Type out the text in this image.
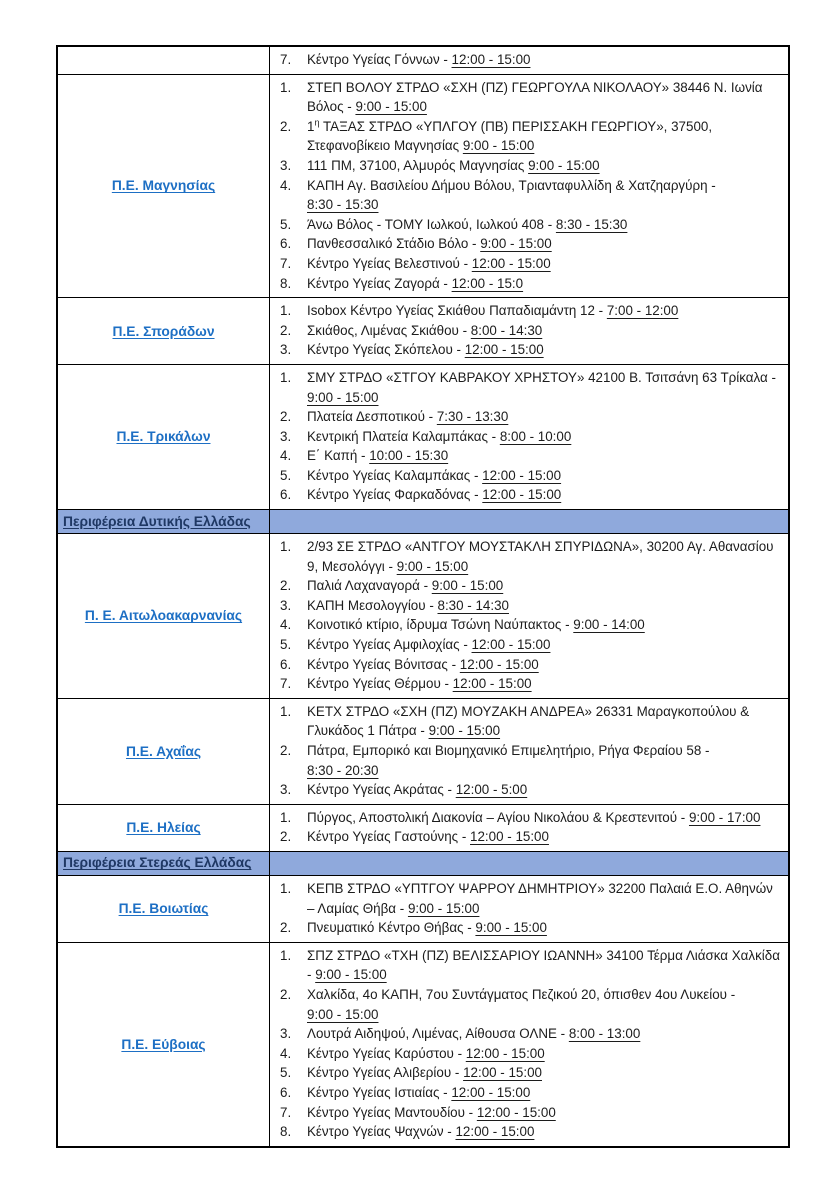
7. Κέντρο Υγείας Γόννων - 12:00 - 15:00
Π.Ε. Μαγνησίας
1. ΣΤΕΠ ΒΟΛΟΥ ΣΤΡΔΟ «ΣΧΗ (ΠΖ) ΓΕΩΡΓΟΥΛΑ ΝΙΚΟΛΑΟΥ» 38446 Ν. Ιωνία Βόλος - 9:00 - 15:00
2. $1^\eta$ ΤΑΞΑΣ ΣΤΡΔΟ «ΥΠΛΓΟΥ (ΠΒ) ΠΕΡΙΣΣΑΚΗ ΓΕΩΡΓΙΟΥ», 37500, Στεφανοβίκειο Μαγνησίας 9:00 - 15:00
3. 111 ΠΜ, 37100, Αλμυρός Μαγνησίας 9:00 - 15:00
4. ΚΑΠΗ Αγ. Βασιλείου Δήμου Βόλου, Τριανταφυλλίδη & Χατζηαργύρη - 8:30 - 15:30
5. Άνω Βόλος - ΤΟΜΥ Ιωλκού, Ιωλκού 408 - 8:30 - 15:30
6. Πανθεσσαλικό Στάδιο Βόλο - 9:00 - 15:00
7. Κέντρο Υγείας Βελεστινού - 12:00 - 15:00
8. Κέντρο Υγείας Ζαγορά - 12:00 - 15:0
Π.Ε. Σποράδων
1. Isobox Κέντρο Υγείας Σκιάθου Παπαδιαμάντη 12 - 7:00 - 12:00
2. Σκιάθος, Λιμένας Σκιάθου - 8:00 - 14:30
3. Κέντρο Υγείας Σκόπελου - 12:00 - 15:00
Π.Ε. Τρικάλων
1. ΣΜΥ ΣΤΡΔΟ «ΣΤΓΟΥ ΚΑΒΡΑΚΟΥ ΧΡΗΣΤΟΥ» 42100 Β. Τσιτσάνη 63 Τρίκαλα - 9:00 - 15:00
2. Πλατεία Δεσποτικού - 7:30 - 13:30
3. Κεντρική Πλατεία Καλαμπάκας - 8:00 - 10:00
4. Ε΄ Καπή - 10:00 - 15:30
5. Κέντρο Υγείας Καλαμπάκας - 12:00 - 15:00
6. Κέντρο Υγείας Φαρκαδόνας - 12:00 - 15:00
Περιφέρεια Δυτικής Ελλάδας
Π. Ε. Αιτωλοακαρνανίας
1. 2/93 ΣΕ ΣΤΡΔΟ «ΑΝΤΓΟΥ ΜΟΥΣΤΑΚΛΗ ΣΠΥΡΙΔΩΝΑ», 30200 Αγ. Αθανασίου 9, Μεσολόγγι - 9:00 - 15:00
2. Παλιά Λαχαναγορά - 9:00 - 15:00
3. ΚΑΠΗ Μεσολογγίου - 8:30 - 14:30
4. Κοινοτικό κτίριο, ίδρυμα Τσώνη Ναύπακτος - 9:00 - 14:00
5. Κέντρο Υγείας Αμφιλοχίας - 12:00 - 15:00
6. Κέντρο Υγείας Βόνιτσας - 12:00 - 15:00
7. Κέντρο Υγείας Θέρμου - 12:00 - 15:00
Π.Ε. Αχαΐας
1. ΚΕΤΧ ΣΤΡΔΟ «ΣΧΗ (ΠΖ) ΜΟΥΖΑΚΗ ΑΝΔΡΕΑ» 26331 Μαραγκοπούλου & Γλυκάδος 1 Πάτρα - 9:00 - 15:00
2. Πάτρα, Εμπορικό και Βιομηχανικό Επιμελητήριο, Ρήγα Φεραίου 58 - 8:30 - 20:30
3. Κέντρο Υγείας Ακράτας - 12:00 - 5:00
Π.Ε. Ηλείας
1. Πύργος, Αποστολική Διακονία – Αγίου Νικολάου & Κρεστενιτού - 9:00 - 17:00
2. Κέντρο Υγείας Γαστούνης - 12:00 - 15:00
Περιφέρεια Στερεάς Ελλάδας
Π.Ε. Βοιωτίας
1. ΚΕΠΒ ΣΤΡΔΟ «ΥΠΤΓΟΥ ΨΑΡΡΟΥ ΔΗΜΗΤΡΙΟΥ» 32200 Παλαιά Ε.Ο. Αθηνών – Λαμίας Θήβα - 9:00 - 15:00
2. Πνευματικό Κέντρο Θήβας - 9:00 - 15:00
Π.Ε. Εύβοιας
1. ΣΠΖ ΣΤΡΔΟ «ΤΧΗ (ΠΖ) ΒΕΛΙΣΣΑΡΙΟΥ ΙΩΑΝΝΗ» 34100 Τέρμα Λιάσκα Χαλκίδα - 9:00 - 15:00
2. Χαλκίδα, 4ο ΚΑΠΗ, 7ου Συντάγματος Πεζικού 20, όπισθεν 4ου Λυκείου - 9:00 - 15:00
3. Λουτρά Αιδηψού, Λιμένας, Αίθουσα ΟΛΝΕ - 8:00 - 13:00
4. Κέντρο Υγείας Καρύστου - 12:00 - 15:00
5. Κέντρο Υγείας Αλιβερίου - 12:00 - 15:00
6. Κέντρο Υγείας Ιστιαίας - 12:00 - 15:00
7. Κέντρο Υγείας Μαντουδίου - 12:00 - 15:00
8. Κέντρο Υγείας Ψαχνών - 12:00 - 15:00
